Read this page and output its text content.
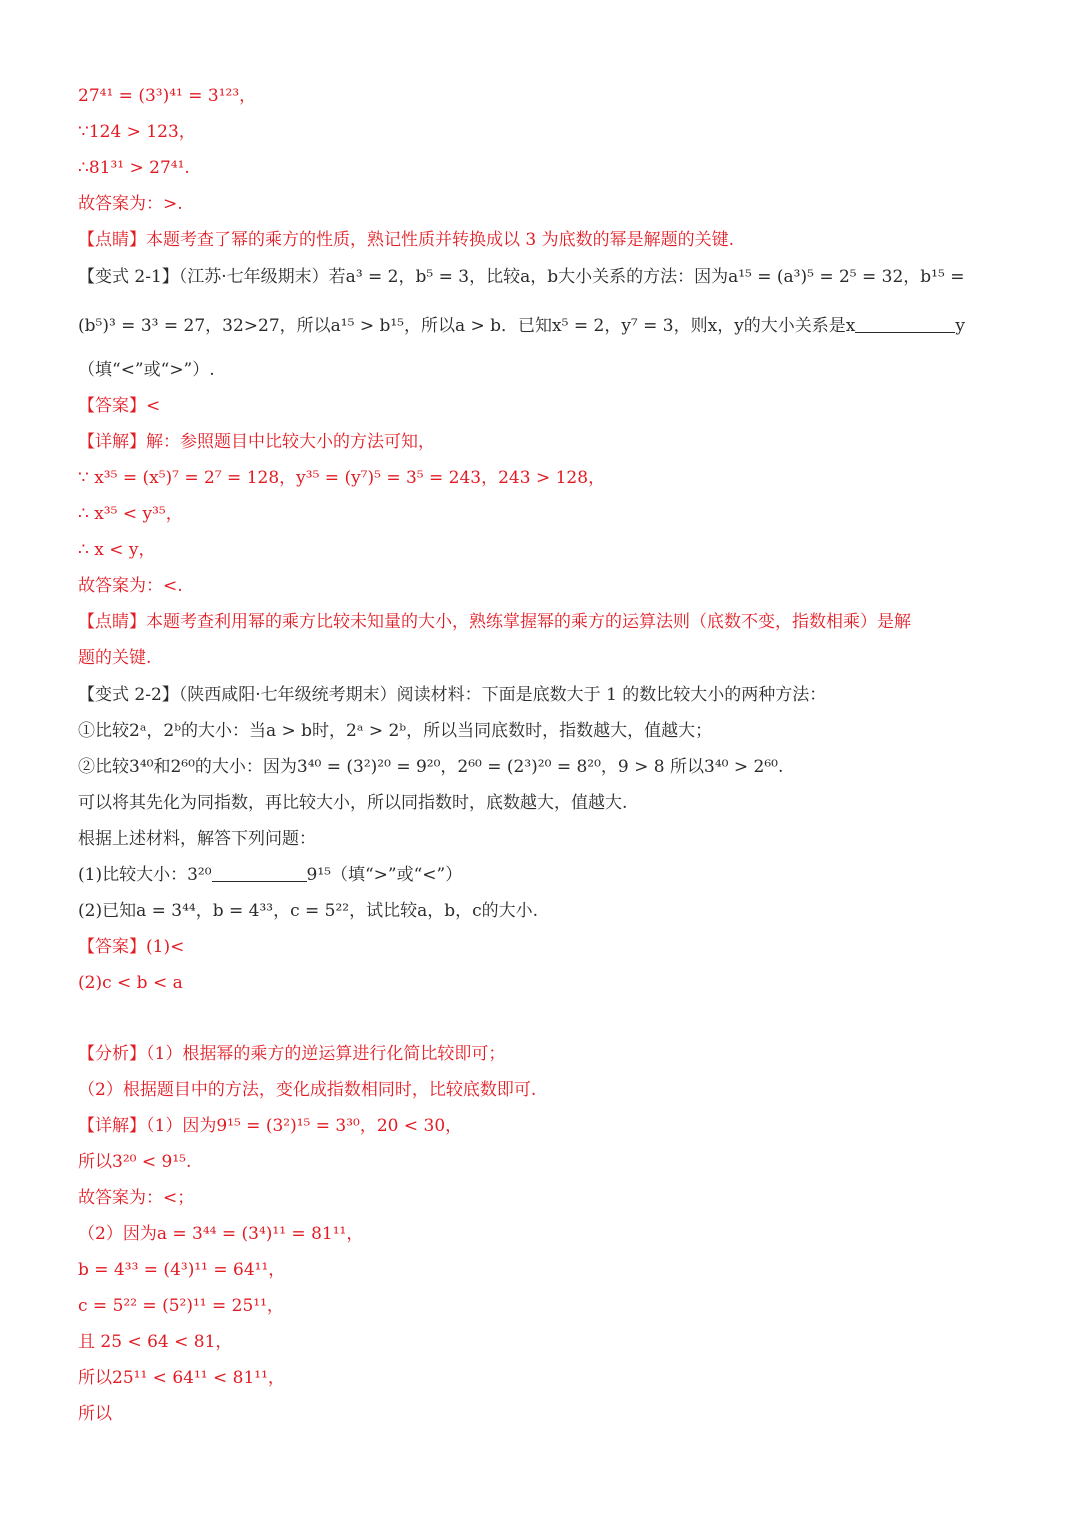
27⁴¹ = (3³)⁴¹ = 3¹²³，
∵124 > 123，
∴81³¹ > 27⁴¹.
故答案为：>.
【点睛】本题考查了幂的乘方的性质，熟记性质并转换成以 3 为底数的幂是解题的关键.
【变式 2-1】（江苏·七年级期末）若a³ = 2，b⁵ = 3，比较a，b大小关系的方法：因为a¹⁵ = (a³)⁵ = 2⁵ = 32，b¹⁵ =
(b⁵)³ = 3³ = 27，32>27，所以a¹⁵ > b¹⁵，所以a > b．已知x⁵ = 2，y⁷ = 3，则x，y的大小关系是x	y
（填“<”或“>”）.
【答案】<
【详解】解：参照题目中比较大小的方法可知，
∵ x³⁵ = (x⁵)⁷ = 2⁷ = 128，y³⁵ = (y⁷)⁵ = 3⁵ = 243，243 > 128，
∴ x³⁵ < y³⁵，
∴ x < y，
故答案为：<.
【点睛】本题考查利用幂的乘方比较未知量的大小，熟练掌握幂的乘方的运算法则（底数不变，指数相乘）是解
题的关键.
【变式 2-2】（陕西咸阳·七年级统考期末）阅读材料：下面是底数大于 1 的数比较大小的两种方法：
①比较2ᵃ，2ᵇ的大小：当a > b时，2ᵃ > 2ᵇ，所以当同底数时，指数越大，值越大；
②比较3⁴⁰和2⁶⁰的大小：因为3⁴⁰ = (3²)²⁰ = 9²⁰，2⁶⁰ = (2³)²⁰ = 8²⁰，9 > 8 所以3⁴⁰ > 2⁶⁰.
可以将其先化为同指数，再比较大小，所以同指数时，底数越大，值越大.
根据上述材料，解答下列问题：
(1)比较大小：3²⁰	9¹⁵（填“>”或“<”）
(2)已知a = 3⁴⁴，b = 4³³，c = 5²²，试比较a，b，c的大小.
【答案】(1)<
(2)c < b < a
【分析】（1）根据幂的乘方的逆运算进行化简比较即可；
（2）根据题目中的方法，变化成指数相同时，比较底数即可.
【详解】（1）因为9¹⁵ = (3²)¹⁵ = 3³⁰，20 < 30，
所以3²⁰ < 9¹⁵.
故答案为：<；
（2）因为a = 3⁴⁴ = (3⁴)¹¹ = 81¹¹，
b = 4³³ = (4³)¹¹ = 64¹¹，
c = 5²² = (5²)¹¹ = 25¹¹，
且 25 < 64 < 81，
所以25¹¹ < 64¹¹ < 81¹¹，
所以
